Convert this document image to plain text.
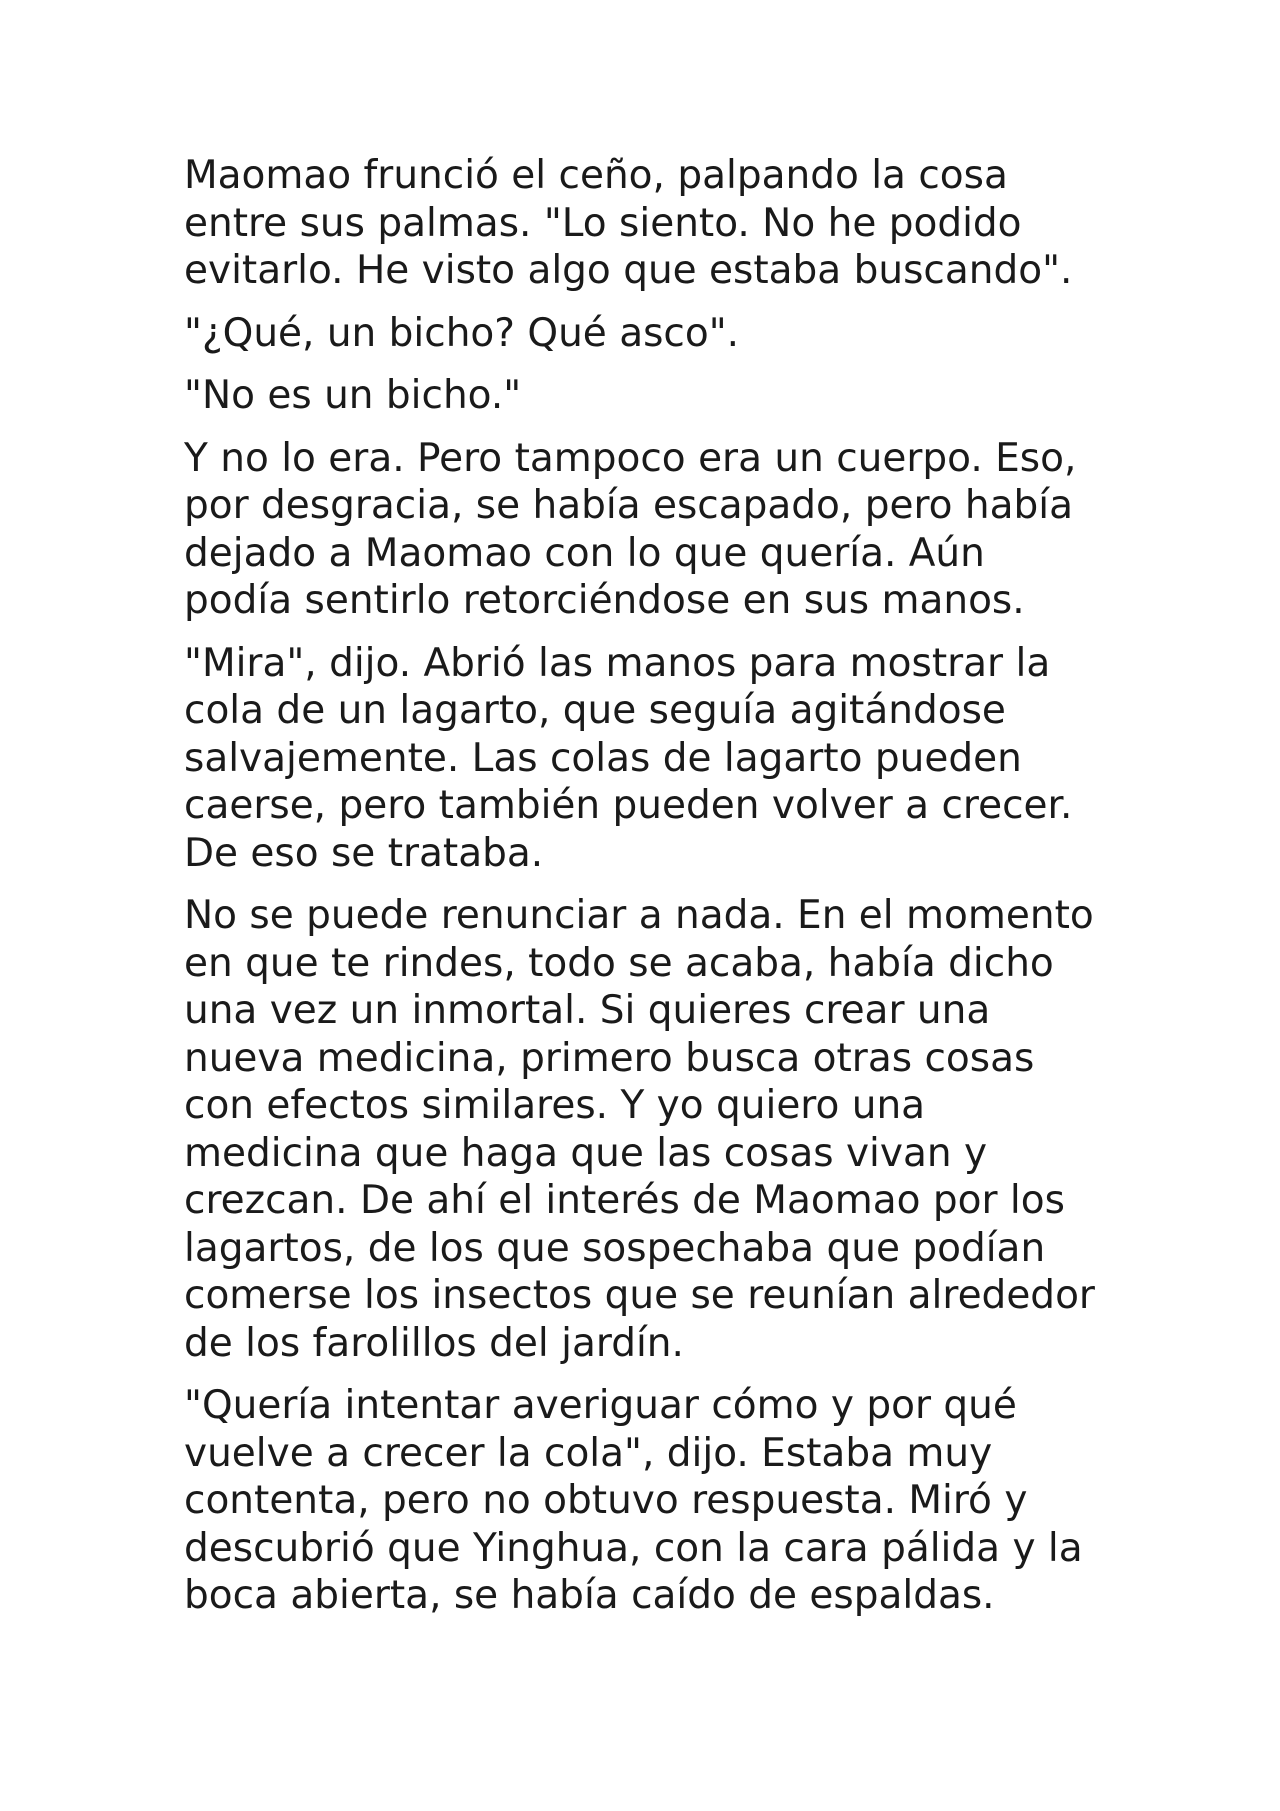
Maomao frunció el ceño, palpando la cosa
entre sus palmas. "Lo siento. No he podido
evitarlo. He visto algo que estaba buscando".

"¿Qué, un bicho? Qué asco".

"No es un bicho."

Y no lo era. Pero tampoco era un cuerpo. Eso,
por desgracia, se había escapado, pero había
dejado a Maomao con lo que quería. Aún
podía sentirlo retorciéndose en sus manos.

"Mira", dijo. Abrió las manos para mostrar la
cola de un lagarto, que seguía agitándose
salvajemente. Las colas de lagarto pueden
caerse, pero también pueden volver a crecer.
De eso se trataba.

No se puede renunciar a nada. En el momento
en que te rindes, todo se acaba, había dicho
una vez un inmortal. Si quieres crear una
nueva medicina, primero busca otras cosas
con efectos similares. Y yo quiero una
medicina que haga que las cosas vivan y
crezcan. De ahí el interés de Maomao por los
lagartos, de los que sospechaba que podían
comerse los insectos que se reunían alrededor
de los farolillos del jardín.

"Quería intentar averiguar cómo y por qué
vuelve a crecer la cola", dijo. Estaba muy
contenta, pero no obtuvo respuesta. Miró y
descubrió que Yinghua, con la cara pálida y la
boca abierta, se había caído de espaldas.
